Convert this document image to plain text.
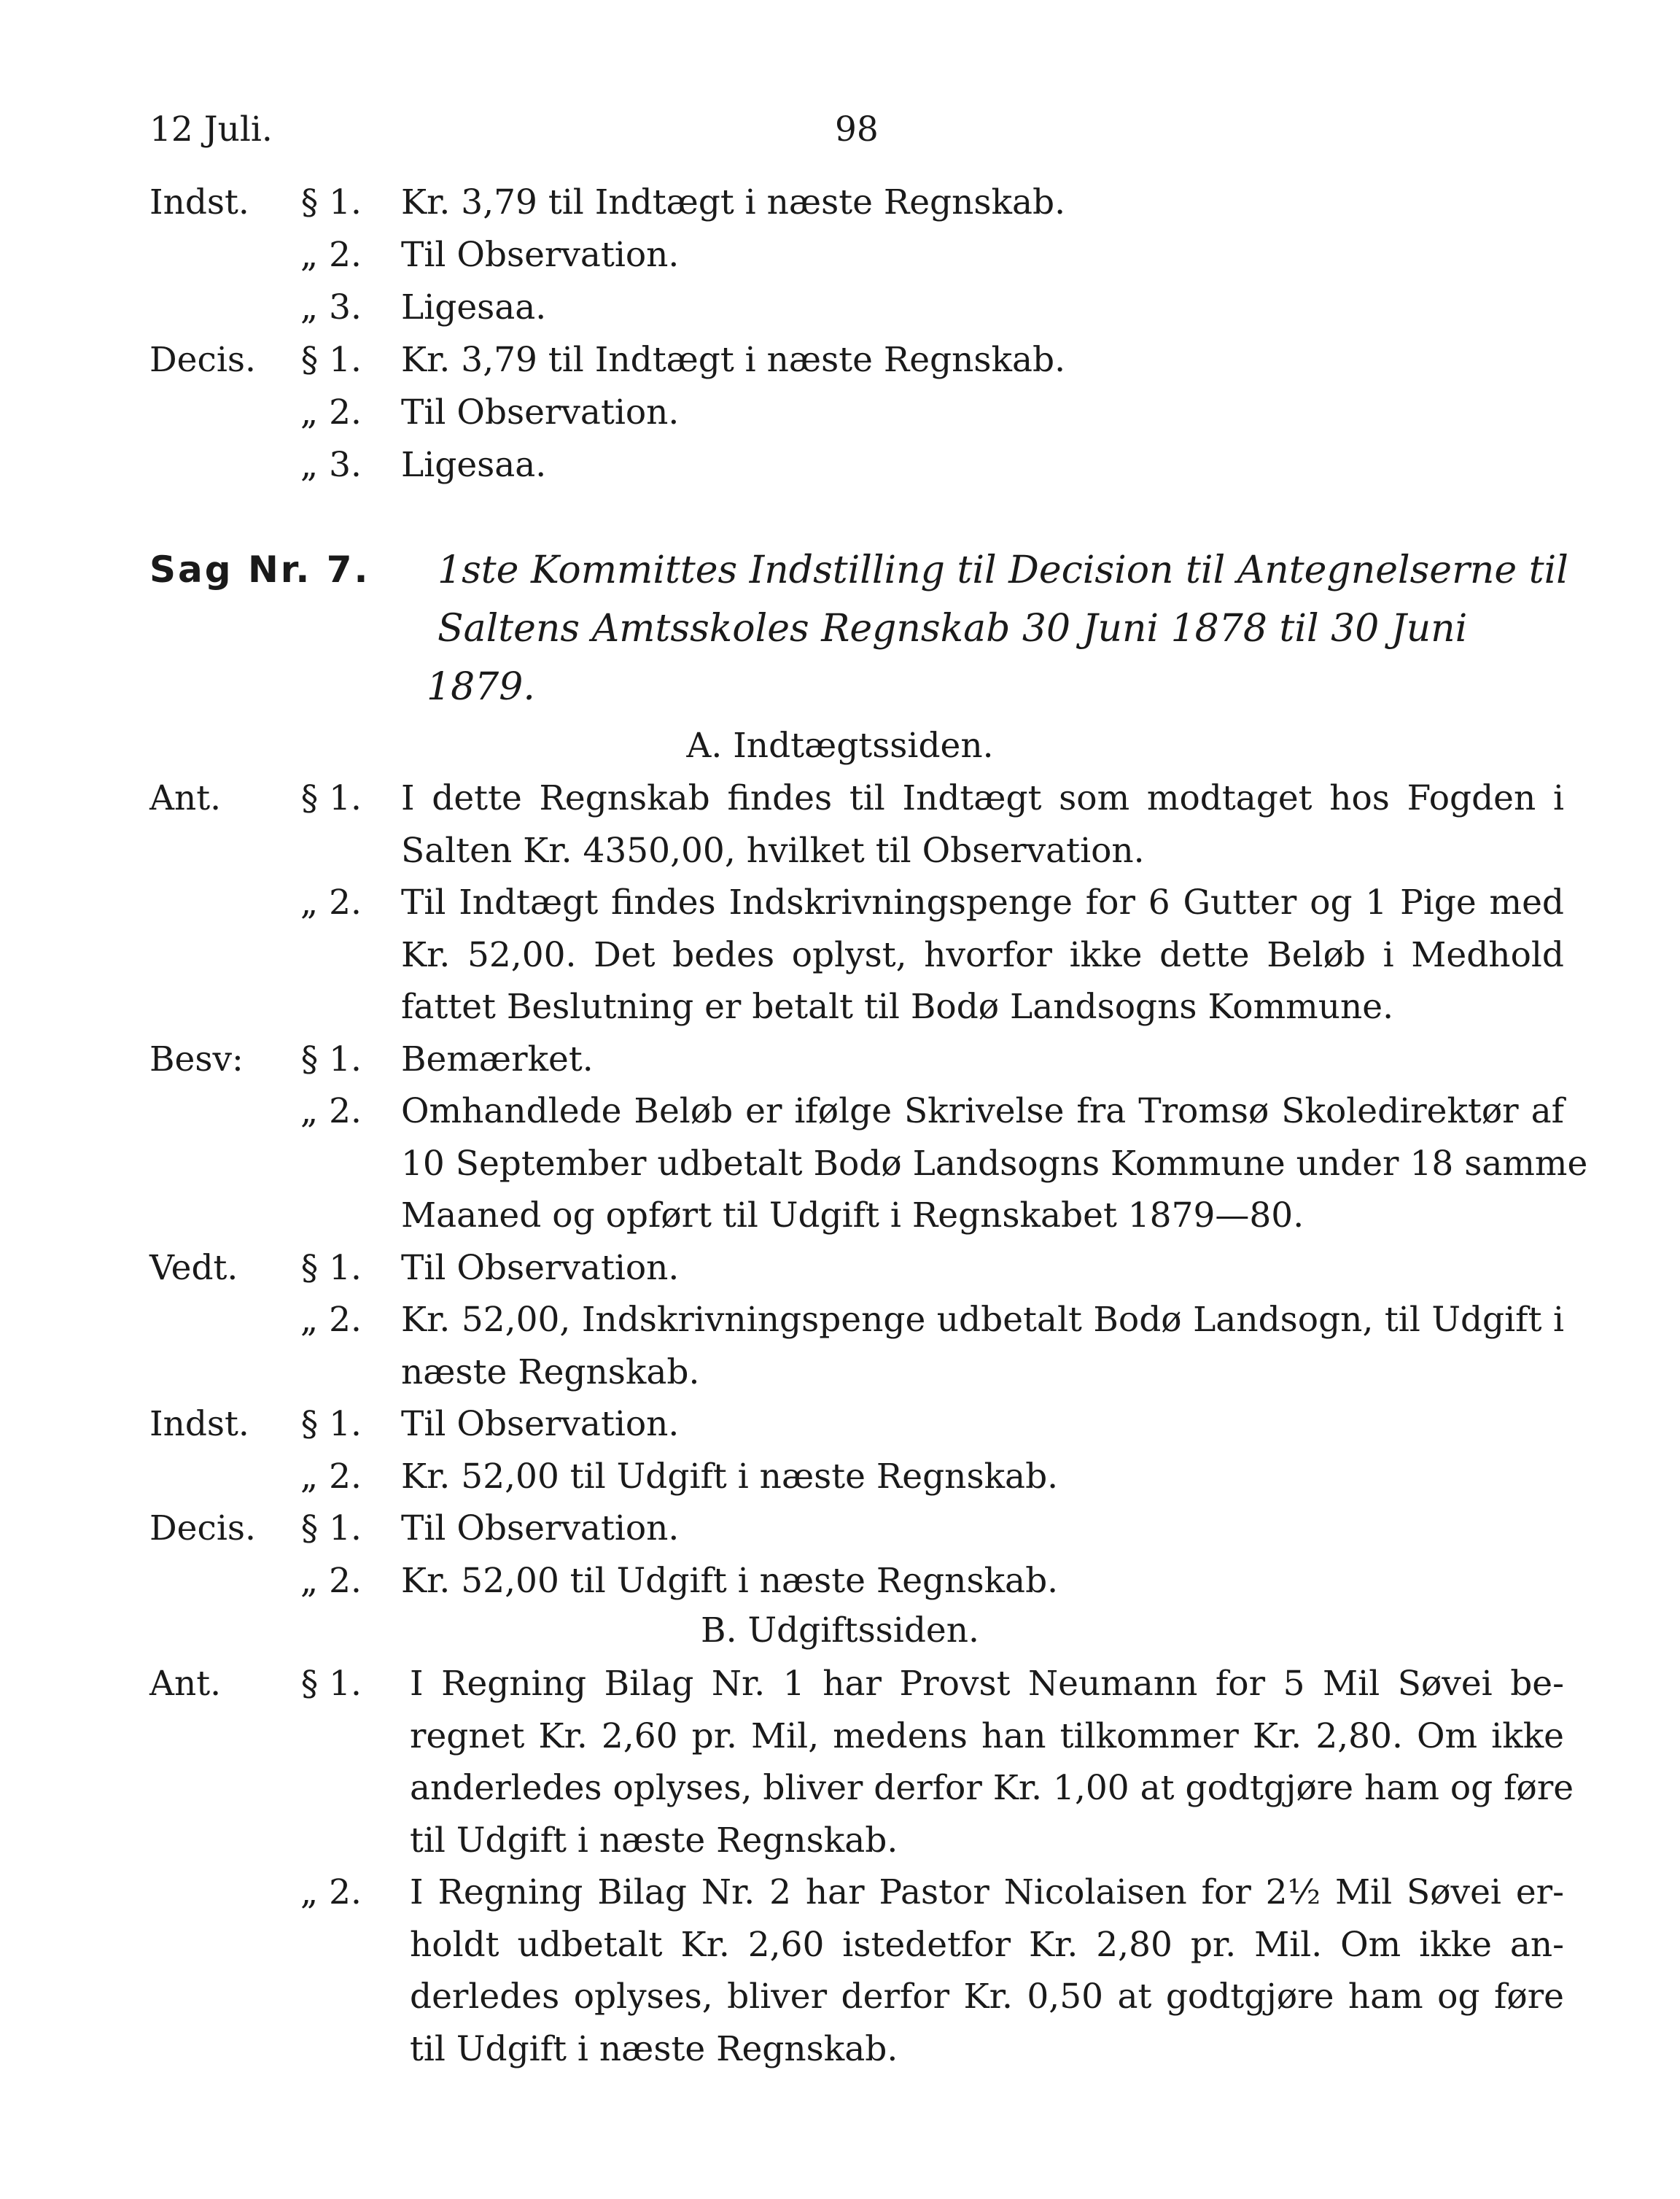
12 Juli.	98
Indst. § 1. Kr. 3,79 til Indtægt i næste Regnskab.
„ 2. Til Observation.
„ 3. Ligesaa.
Decis. § 1. Kr. 3,79 til Indtægt i næste Regnskab.
„ 2. Til Observation.
„ 3. Ligesaa.
Sag Nr. 7. 1ste Kommittes Indstilling til Decision til Antegnelserne til
Saltens Amtsskoles Regnskab 30 Juni 1878 til 30 Juni
1879.
A. Indtægtssiden.
Ant. § 1. I dette Regnskab findes til Indtægt som modtaget hos Fogden i
Salten Kr. 4350,00, hvilket til Observation.
„ 2. Til Indtægt findes Indskrivningspenge for 6 Gutter og 1 Pige med
Kr. 52,00. Det bedes oplyst, hvorfor ikke dette Beløb i Medhold
fattet Beslutning er betalt til Bodø Landsogns Kommune.
Besv: § 1. Bemærket.
„ 2. Omhandlede Beløb er ifølge Skrivelse fra Tromsø Skoledirektør af
10 September udbetalt Bodø Landsogns Kommune under 18 samme
Maaned og opført til Udgift i Regnskabet 1879—80.
Vedt. § 1. Til Observation.
„ 2. Kr. 52,00, Indskrivningspenge udbetalt Bodø Landsogn, til Udgift i
næste Regnskab.
Indst. § 1. Til Observation.
„ 2. Kr. 52,00 til Udgift i næste Regnskab.
Decis. § 1. Til Observation.
„ 2. Kr. 52,00 til Udgift i næste Regnskab.
B. Udgiftssiden.
Ant. § 1. I Regning Bilag Nr. 1 har Provst Neumann for 5 Mil Søvei be-
regnet Kr. 2,60 pr. Mil, medens han tilkommer Kr. 2,80. Om ikke
anderledes oplyses, bliver derfor Kr. 1,00 at godtgjøre ham og føre
til Udgift i næste Regnskab.
„ 2. I Regning Bilag Nr. 2 har Pastor Nicolaisen for 2½ Mil Søvei er-
holdt udbetalt Kr. 2,60 istedetfor Kr. 2,80 pr. Mil. Om ikke an-
derledes oplyses, bliver derfor Kr. 0,50 at godtgjøre ham og føre
til Udgift i næste Regnskab.
